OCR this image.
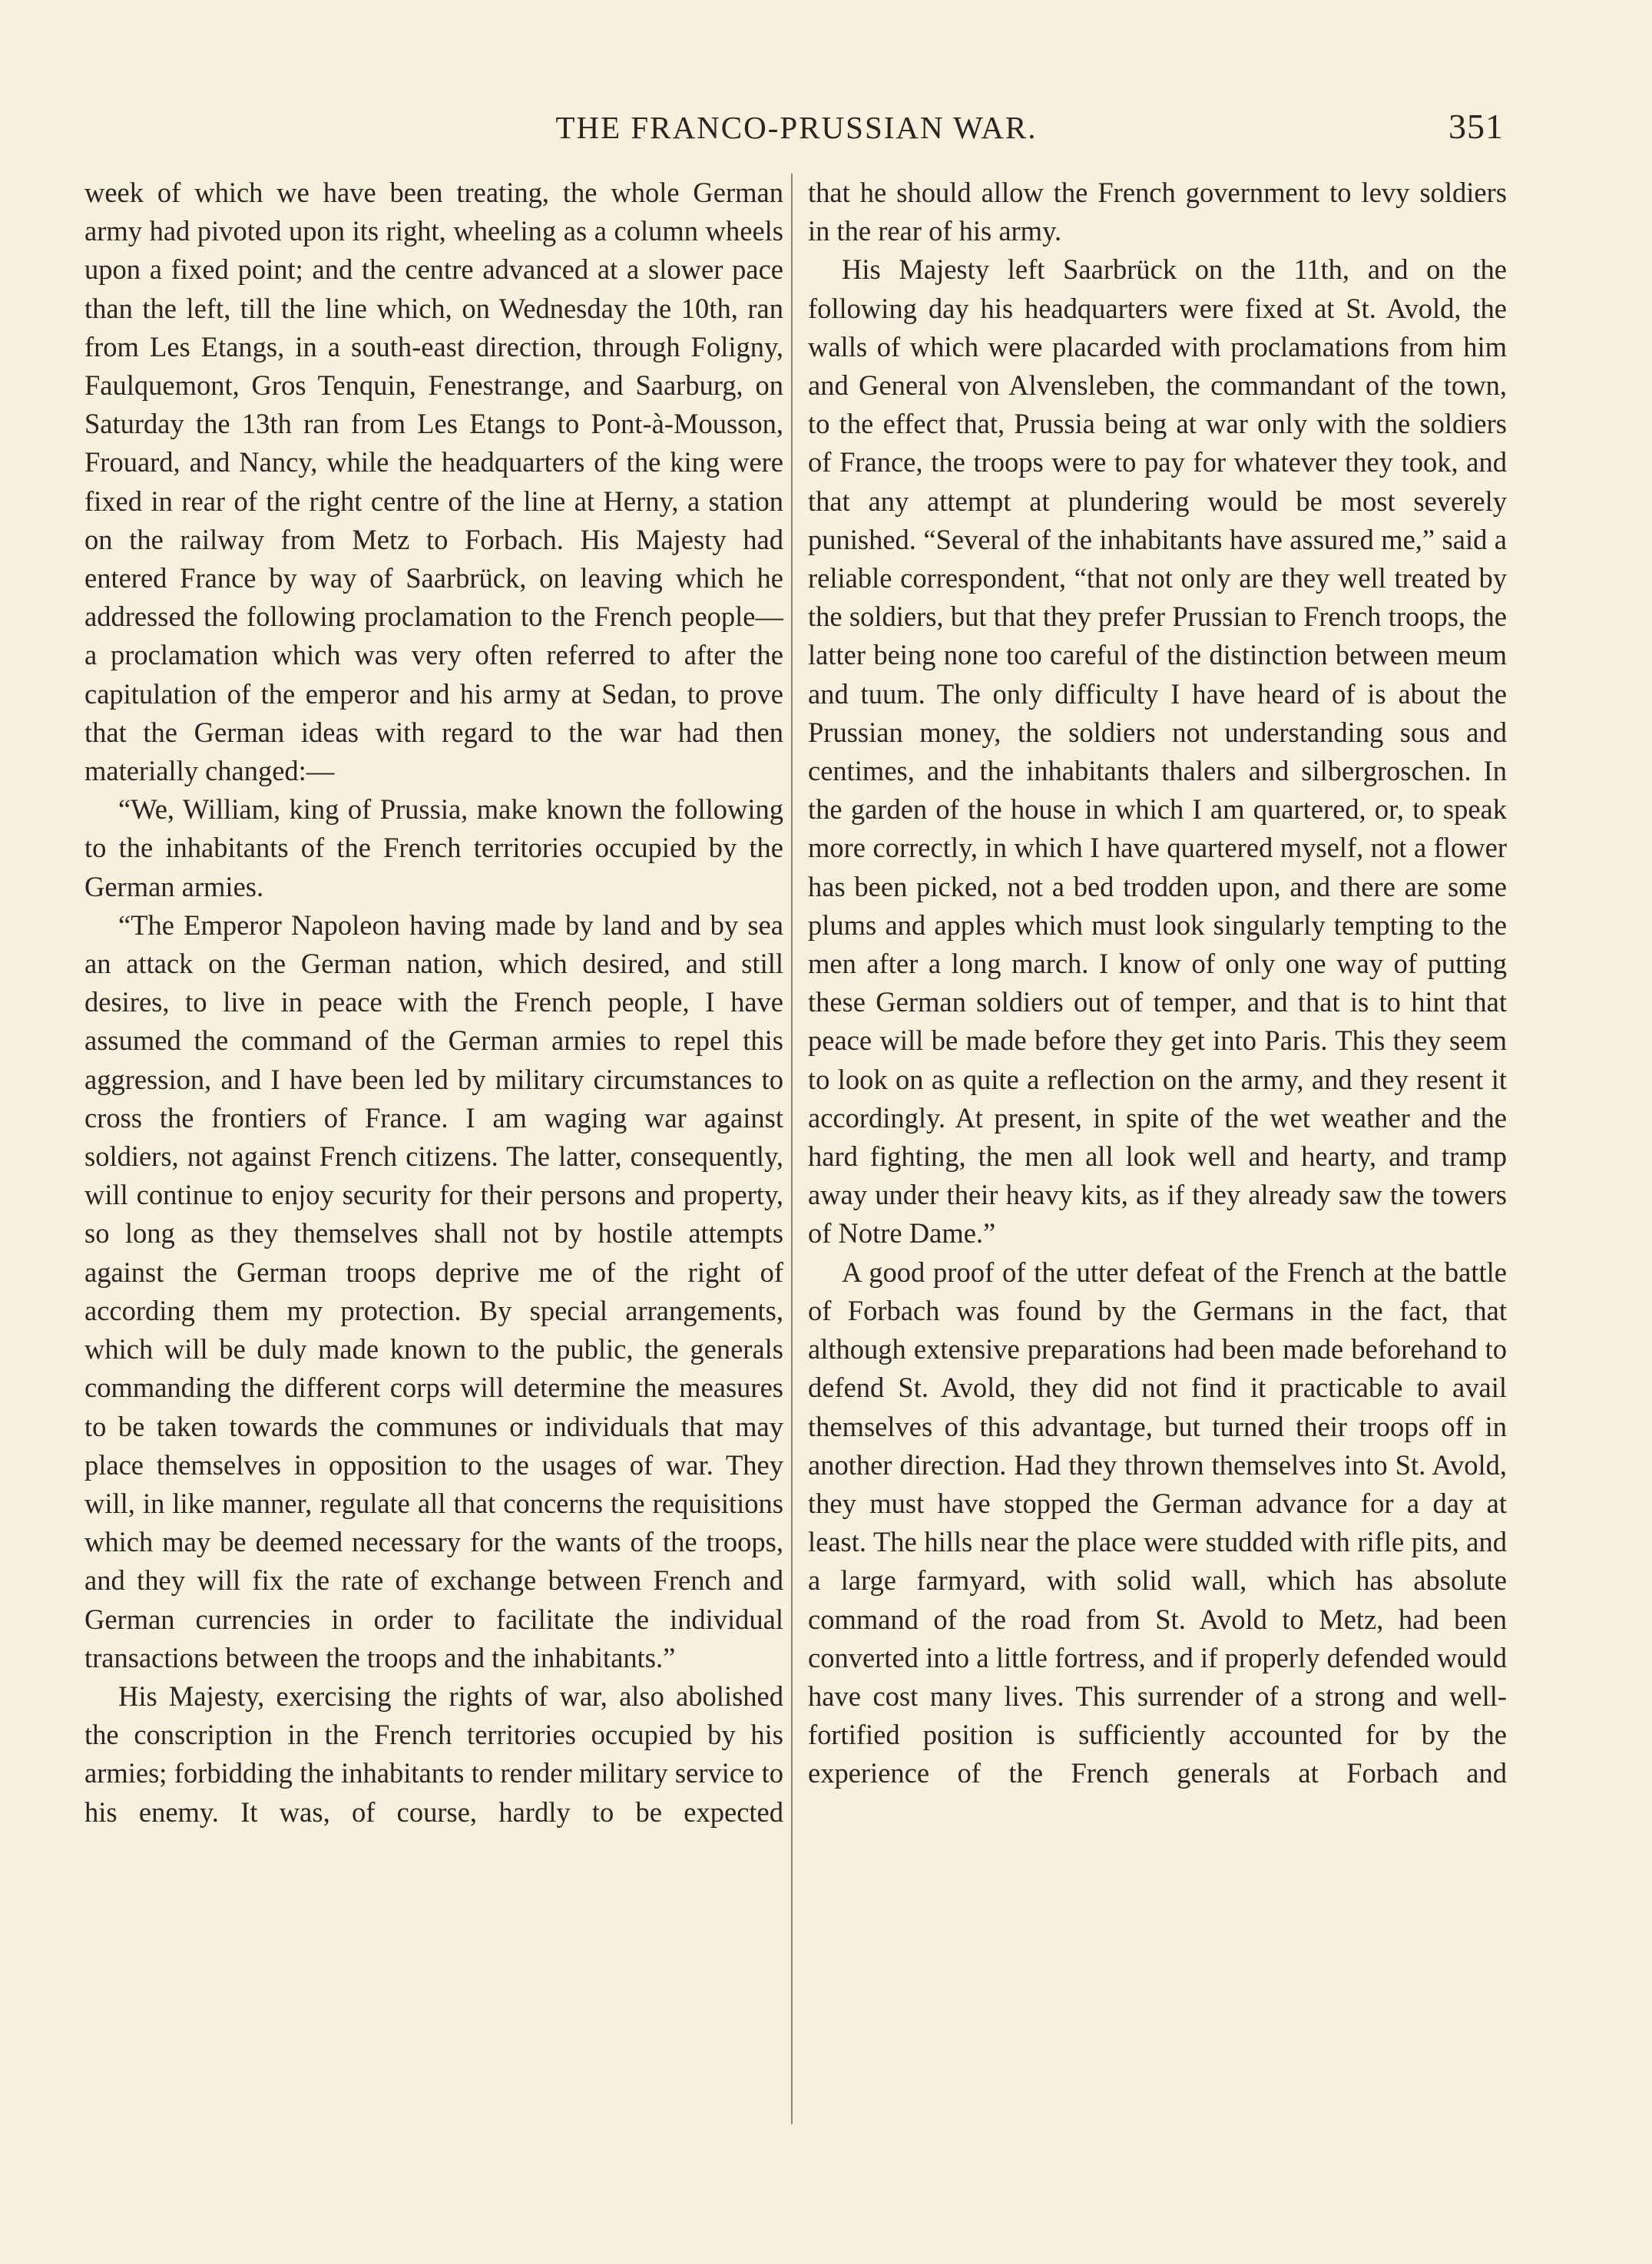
THE FRANCO-PRUSSIAN WAR.	351

week of which we have been treating, the whole German army had pivoted upon its right, wheeling as a column wheels upon a fixed point; and the centre advanced at a slower pace than the left, till the line which, on Wednesday the 10th, ran from Les Etangs, in a south-east direction, through Foligny, Faulquemont, Gros Tenquin, Fenestrange, and Saarburg, on Saturday the 13th ran from Les Etangs to Pont-à-Mousson, Frouard, and Nancy, while the headquarters of the king were fixed in rear of the right centre of the line at Herny, a station on the railway from Metz to Forbach. His Majesty had entered France by way of Saarbrück, on leaving which he addressed the following proclamation to the French people—a proclamation which was very often referred to after the capitulation of the emperor and his army at Sedan, to prove that the German ideas with regard to the war had then materially changed:—

“We, William, king of Prussia, make known the following to the inhabitants of the French territories occupied by the German armies.

“The Emperor Napoleon having made by land and by sea an attack on the German nation, which desired, and still desires, to live in peace with the French people, I have assumed the command of the German armies to repel this aggression, and I have been led by military circumstances to cross the frontiers of France. I am waging war against soldiers, not against French citizens. The latter, consequently, will continue to enjoy security for their persons and property, so long as they themselves shall not by hostile attempts against the German troops deprive me of the right of according them my protection. By special arrangements, which will be duly made known to the public, the generals commanding the different corps will determine the measures to be taken towards the communes or individuals that may place themselves in opposition to the usages of war. They will, in like manner, regulate all that concerns the requisitions which may be deemed necessary for the wants of the troops, and they will fix the rate of exchange between French and German currencies in order to facilitate the individual transactions between the troops and the inhabitants.”

His Majesty, exercising the rights of war, also abolished the conscription in the French territories occupied by his armies; forbidding the inhabitants to render military service to his enemy. It was, of course, hardly to be expected

that he should allow the French government to levy soldiers in the rear of his army.

His Majesty left Saarbrück on the 11th, and on the following day his headquarters were fixed at St. Avold, the walls of which were placarded with proclamations from him and General von Alvensleben, the commandant of the town, to the effect that, Prussia being at war only with the soldiers of France, the troops were to pay for whatever they took, and that any attempt at plundering would be most severely punished. “Several of the inhabitants have assured me,” said a reliable correspondent, “that not only are they well treated by the soldiers, but that they prefer Prussian to French troops, the latter being none too careful of the distinction between meum and tuum. The only difficulty I have heard of is about the Prussian money, the soldiers not understanding sous and centimes, and the inhabitants thalers and silbergroschen. In the garden of the house in which I am quartered, or, to speak more correctly, in which I have quartered myself, not a flower has been picked, not a bed trodden upon, and there are some plums and apples which must look singularly tempting to the men after a long march. I know of only one way of putting these German soldiers out of temper, and that is to hint that peace will be made before they get into Paris. This they seem to look on as quite a reflection on the army, and they resent it accordingly. At present, in spite of the wet weather and the hard fighting, the men all look well and hearty, and tramp away under their heavy kits, as if they already saw the towers of Notre Dame.”

A good proof of the utter defeat of the French at the battle of Forbach was found by the Germans in the fact, that although extensive preparations had been made beforehand to defend St. Avold, they did not find it practicable to avail themselves of this advantage, but turned their troops off in another direction. Had they thrown themselves into St. Avold, they must have stopped the German advance for a day at least. The hills near the place were studded with rifle pits, and a large farmyard, with solid wall, which has absolute command of the road from St. Avold to Metz, had been converted into a little fortress, and if properly defended would have cost many lives. This surrender of a strong and well-fortified position is sufficiently accounted for by the experience of the French generals at Forbach and
